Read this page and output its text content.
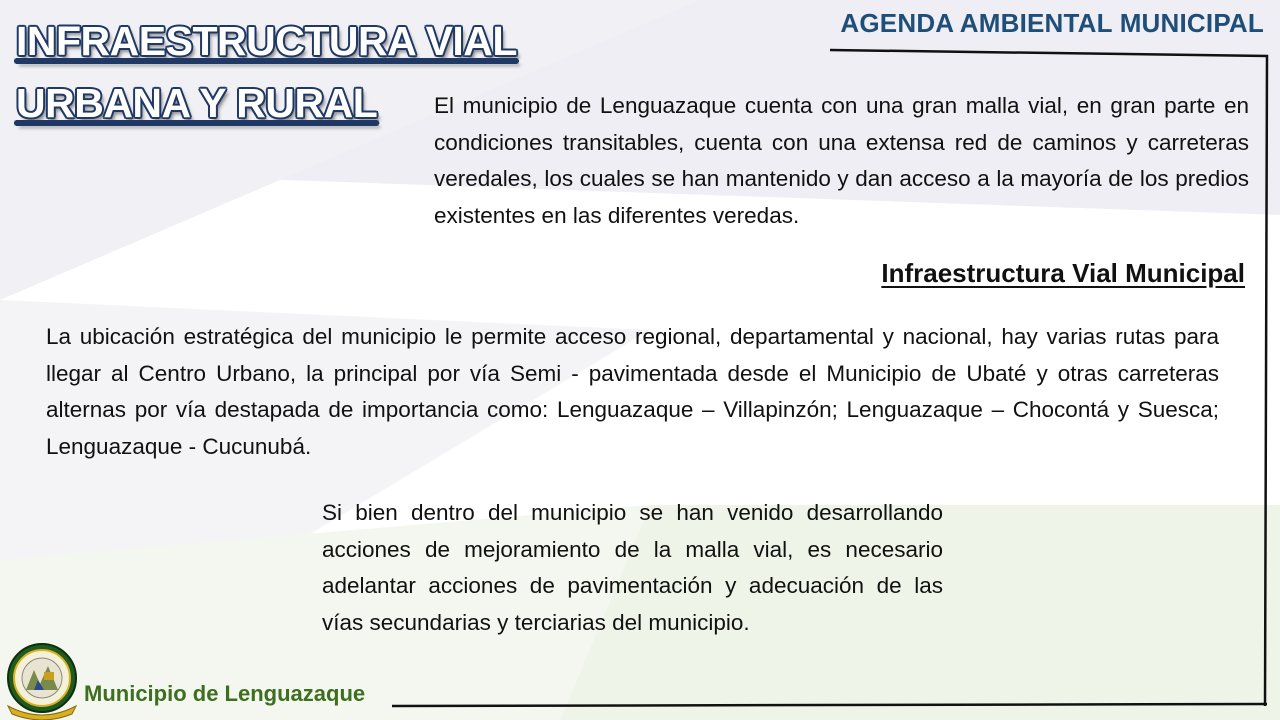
INFRAESTRUCTURA VIAL
URBANA Y RURAL
AGENDA AMBIENTAL MUNICIPAL

El municipio de Lenguazaque cuenta con una gran malla vial, en gran parte en condiciones transitables, cuenta con una extensa red de caminos y carreteras veredales, los cuales se han mantenido y dan acceso a la mayoría de los predios existentes en las diferentes veredas.

Infraestructura Vial Municipal

La ubicación estratégica del municipio le permite acceso regional, departamental y nacional, hay varias rutas para llegar al Centro Urbano, la principal por vía Semi - pavimentada desde el Municipio de Ubaté y otras carreteras alternas por vía destapada de importancia como: Lenguazaque – Villapinzón; Lenguazaque – Chocontá y Suesca; Lenguazaque - Cucunubá.

Si bien dentro del municipio se han venido desarrollando acciones de mejoramiento de la malla vial, es necesario adelantar acciones de pavimentación y adecuación de las vías secundarias y terciarias del municipio.

Municipio de Lenguazaque
